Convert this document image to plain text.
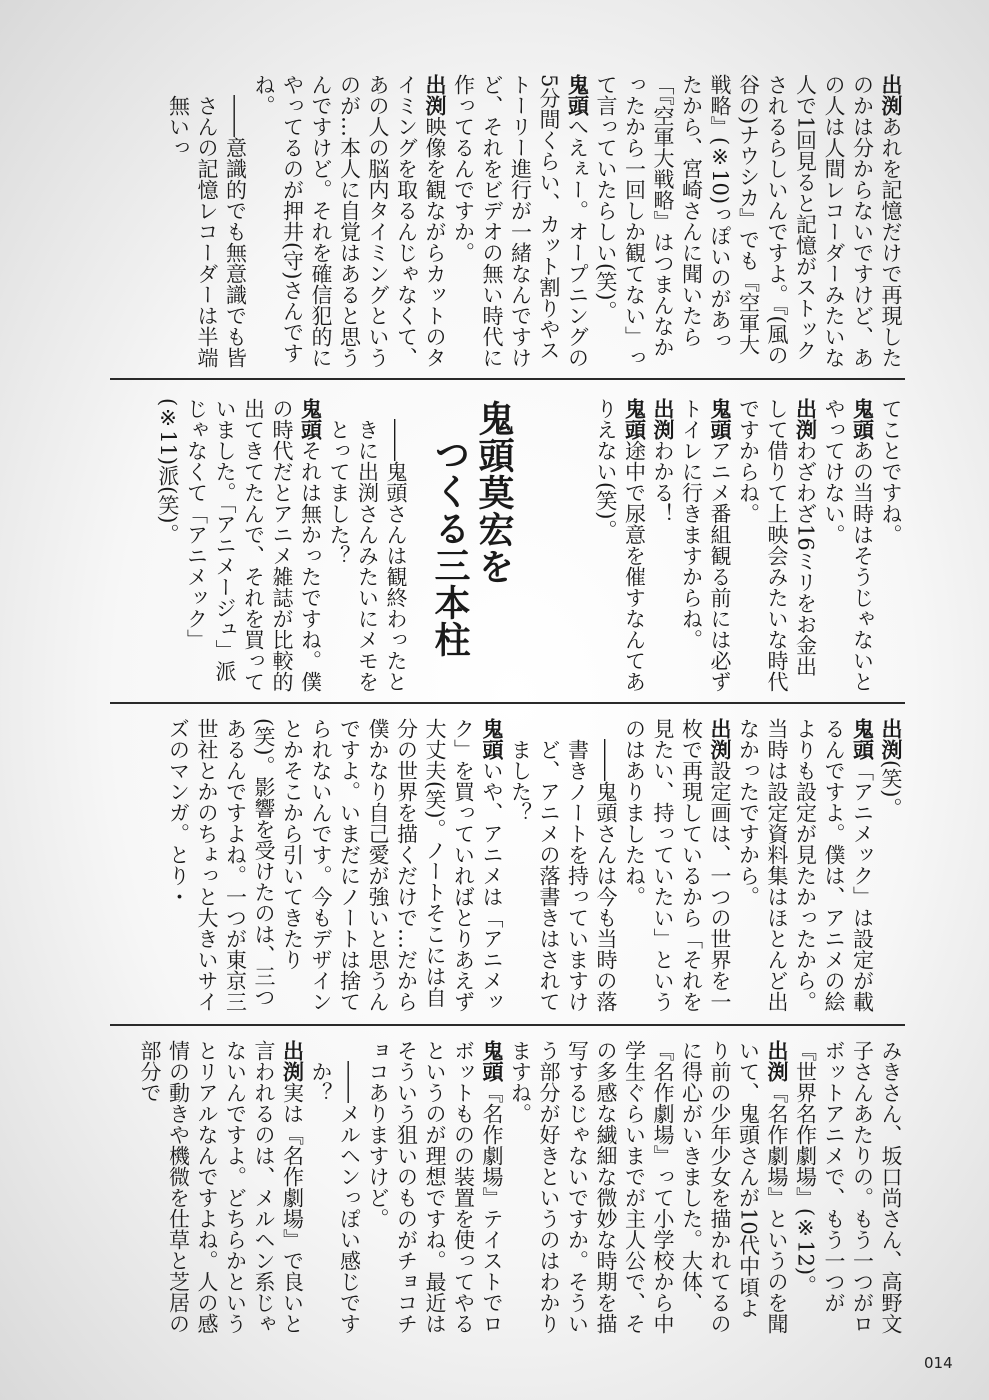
出渕あれを記憶だけで再現したのかは分からないですけど、あの人は人間レコーダーみたいな人で1回見ると記憶がストックされるらしいんですよ。『(風の谷の)ナウシカ』でも『空軍大戦略』(※10)っぽいのがあったから、宮崎さんに聞いたら「『空軍大戦略』はつまんなかったから一回しか観てない」って言っていたらしい(笑)。

鬼頭へえぇー。オープニングの5分間くらい、カット割りやストーリー進行が一緒なんですけど、それをビデオの無い時代に作ってるんですか。

出渕映像を観ながらカットのタイミングを取るんじゃなくて、あの人の脳内タイミングというのが…本人に自覚はあると思うんですけど。それを確信犯的にやってるのが押井(守)さんですね。

――意識的でも無意識でも皆さんの記憶レコーダーは半端無いっ

てことですね。

鬼頭あの当時はそうじゃないとやってけない。

出渕わざわざ16ミリをお金出して借りて上映会みたいな時代ですからね。

鬼頭アニメ番組観る前には必ずトイレに行きますからね。

出渕わかる！

鬼頭途中で尿意を催すなんてありえない(笑)。

鬼頭莫宏を
つくる三本柱

――鬼頭さんは観終わったときに出渕さんみたいにメモをとってました？

鬼頭それは無かったですね。僕の時代だとアニメ雑誌が比較的出てきてたんで、それを買っていました。「アニメージュ」派じゃなくて「アニメック」(※11)派(笑)。

出渕(笑)。

鬼頭「アニメック」は設定が載るんですよ。僕は、アニメの絵よりも設定が見たかったから。当時は設定資料集はほとんど出なかったですから。

出渕設定画は、一つの世界を一枚で再現しているから「それを見たい、持っていたい」というのはありましたね。

――鬼頭さんは今も当時の落書きノートを持っていますけど、アニメの落書きはされてました？

鬼頭いや、アニメは「アニメック」を買っていればとりあえず大丈夫(笑)。ノートそこには自分の世界を描くだけで…だから僕かなり自己愛が強いと思うんですよ。いまだにノートは捨てられないんです。今もデザインとかそこから引いてきたり(笑)。影響を受けたのは、三つあるんですよね。一つが東京三世社とかのちょっと大きいサイズのマンガ。とり・

みきさん、坂口尚さん、高野文子さんあたりの。もう一つがロボットアニメで、もう一つが『世界名作劇場』(※12)。

出渕『名作劇場』というのを聞いて、鬼頭さんが10代中頃より前の少年少女を描かれてるのに得心がいきました。大体、『名作劇場』って小学校から中学生ぐらいまでが主人公で、その多感な繊細な微妙な時期を描写するじゃないですか。そういう部分が好きというのはわかりますね。

鬼頭『名作劇場』テイストでロボットものの装置を使ってやるというのが理想ですね。最近はそういう狙いのものがチョコチョコありますけど。

――メルヘンっぽい感じですか？

出渕実は『名作劇場』で良いと言われるのは、メルヘン系じゃないんですよ。どちらかというとリアルなんですよね。人の感情の動きや機微を仕草と芝居の部分で

014
